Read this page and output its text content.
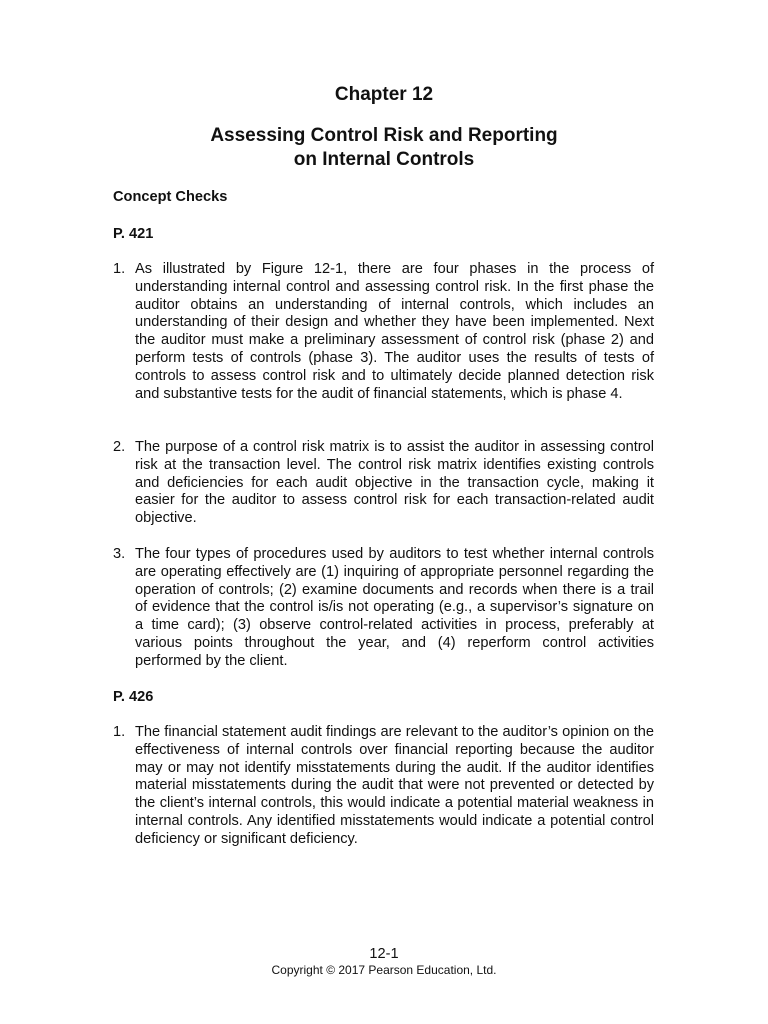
Chapter 12
Assessing Control Risk and Reporting
on Internal Controls
Concept Checks
P. 421
1. As illustrated by Figure 12-1, there are four phases in the process of understanding internal control and assessing control risk. In the first phase the auditor obtains an understanding of internal controls, which includes an understanding of their design and whether they have been implemented. Next the auditor must make a preliminary assessment of control risk (phase 2) and perform tests of controls (phase 3). The auditor uses the results of tests of controls to assess control risk and to ultimately decide planned detection risk and substantive tests for the audit of financial statements, which is phase 4.
2. The purpose of a control risk matrix is to assist the auditor in assessing control risk at the transaction level. The control risk matrix identifies existing controls and deficiencies for each audit objective in the transaction cycle, making it easier for the auditor to assess control risk for each transaction-related audit objective.
3. The four types of procedures used by auditors to test whether internal controls are operating effectively are (1) inquiring of appropriate personnel regarding the operation of controls; (2) examine documents and records when there is a trail of evidence that the control is/is not operating (e.g., a supervisor’s signature on a time card); (3) observe control-related activities in process, preferably at various points throughout the year, and (4) reperform control activities performed by the client.
P. 426
1. The financial statement audit findings are relevant to the auditor’s opinion on the effectiveness of internal controls over financial reporting because the auditor may or may not identify misstatements during the audit. If the auditor identifies material misstatements during the audit that were not prevented or detected by the client’s internal controls, this would indicate a potential material weakness in internal controls. Any identified misstatements would indicate a potential control deficiency or significant deficiency.
12-1
Copyright © 2017 Pearson Education, Ltd.
